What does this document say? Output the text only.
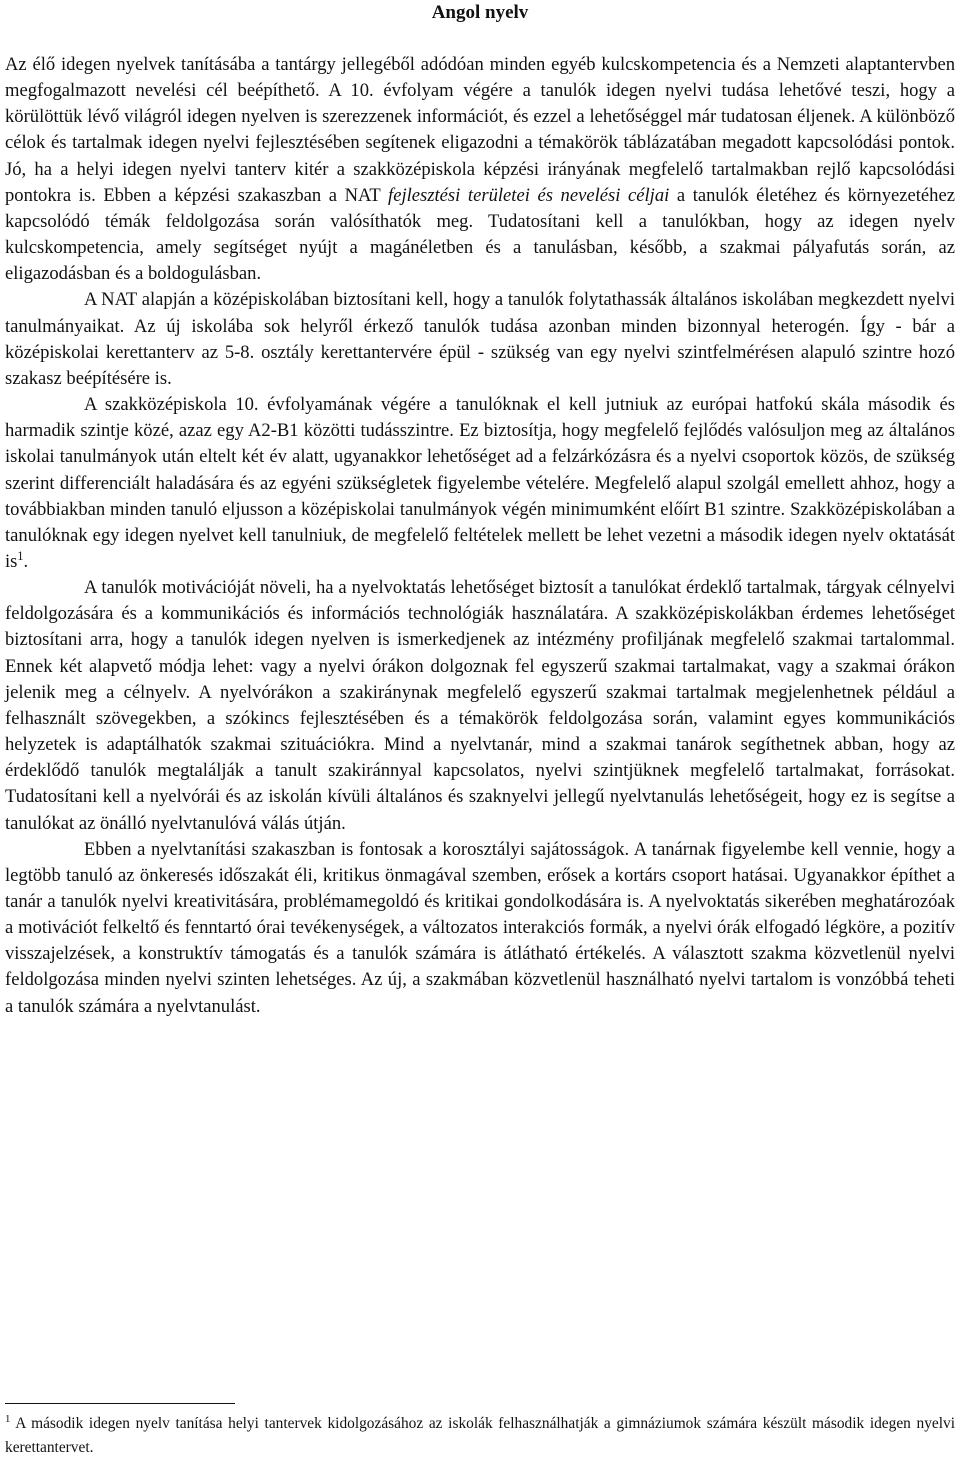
Angol nyelv

Az élő idegen nyelvek tanításába a tantárgy jellegéből adódóan minden egyéb kulcskompetencia és a Nemzeti alaptantervben megfogalmazott nevelési cél beépíthető. A 10. évfolyam végére a tanulók idegen nyelvi tudása lehetővé teszi, hogy a körülöttük lévő világról idegen nyelven is szerezzenek információt, és ezzel a lehetőséggel már tudatosan éljenek. A különböző célok és tartalmak idegen nyelvi fejlesztésében segítenek eligazodni a témakörök táblázatában megadott kapcsolódási pontok. Jó, ha a helyi idegen nyelvi tanterv kitér a szakközépiskola képzési irányának megfelelő tartalmakban rejlő kapcsolódási pontokra is. Ebben a képzési szakaszban a NAT fejlesztési területei és nevelési céljai a tanulók életéhez és környezetéhez kapcsolódó témák feldolgozása során valósíthatók meg. Tudatosítani kell a tanulókban, hogy az idegen nyelv kulcskompetencia, amely segítséget nyújt a magánéletben és a tanulásban, később, a szakmai pályafutás során, az eligazodásban és a boldogulásban.

A NAT alapján a középiskolában biztosítani kell, hogy a tanulók folytathassák általános iskolában megkezdett nyelvi tanulmányaikat. Az új iskolába sok helyről érkező tanulók tudása azonban minden bizonnyal heterogén. Így - bár a középiskolai kerettanterv az 5-8. osztály kerettantervére épül - szükség van egy nyelvi szintfelmérésen alapuló szintre hozó szakasz beépítésére is.

A szakközépiskola 10. évfolyamának végére a tanulóknak el kell jutniuk az európai hatfokú skála második és harmadik szintje közé, azaz egy A2-B1 közötti tudásszintre. Ez biztosítja, hogy megfelelő fejlődés valósuljon meg az általános iskolai tanulmányok után eltelt két év alatt, ugyanakkor lehetőséget ad a felzárkózásra és a nyelvi csoportok közös, de szükség szerint differenciált haladására és az egyéni szükségletek figyelembe vételére. Megfelelő alapul szolgál emellett ahhoz, hogy a továbbiakban minden tanuló eljusson a középiskolai tanulmányok végén minimumként előírt B1 szintre. Szakközépiskolában a tanulóknak egy idegen nyelvet kell tanulniuk, de megfelelő feltételek mellett be lehet vezetni a második idegen nyelv oktatását $is^1$.

A tanulók motivációját növeli, ha a nyelvoktatás lehetőséget biztosít a tanulókat érdeklő tartalmak, tárgyak célnyelvi feldolgozására és a kommunikációs és információs technológiák használatára. A szakközépiskolákban érdemes lehetőséget biztosítani arra, hogy a tanulók idegen nyelven is ismerkedjenek az intézmény profiljának megfelelő szakmai tartalommal. Ennek két alapvető módja lehet: vagy a nyelvi órákon dolgoznak fel egyszerű szakmai tartalmakat, vagy a szakmai órákon jelenik meg a célnyelv. A nyelvórákon a szakiránynak megfelelő egyszerű szakmai tartalmak megjelenhetnek például a felhasznált szövegekben, a szókincs fejlesztésében és a témakörök feldolgozása során, valamint egyes kommunikációs helyzetek is adaptálhatók szakmai szituációkra. Mind a nyelvtanár, mind a szakmai tanárok segíthetnek abban, hogy az érdeklődő tanulók megtalálják a tanult szakiránnyal kapcsolatos, nyelvi szintjüknek megfelelő tartalmakat, forrásokat. Tudatosítani kell a nyelvórái és az iskolán kívüli általános és szaknyelvi jellegű nyelvtanulás lehetőségeit, hogy ez is segítse a tanulókat az önálló nyelvtanulóvá válás útján.

Ebben a nyelvtanítási szakaszban is fontosak a korosztályi sajátosságok. A tanárnak figyelembe kell vennie, hogy a legtöbb tanuló az önkeresés időszakát éli, kritikus önmagával szemben, erősek a kortárs csoport hatásai. Ugyanakkor építhet a tanár a tanulók nyelvi kreativitására, problémamegoldó és kritikai gondolkodására is. A nyelvoktatás sikerében meghatározóak a motivációt felkeltő és fenntartó órai tevékenységek, a változatos interakciós formák, a nyelvi órák elfogadó légköre, a pozitív visszajelzések, a konstruktív támogatás és a tanulók számára is átlátható értékelés. A választott szakma közvetlenül nyelvi feldolgozása minden nyelvi szinten lehetséges. Az új, a szakmában közvetlenül használható nyelvi tartalom is vonzóbbá teheti a tanulók számára a nyelvtanulást.

$^1$ A második idegen nyelv tanítása helyi tantervek kidolgozásához az iskolák felhasználhatják a gimnáziumok számára készült második idegen nyelvi kerettantervet.
